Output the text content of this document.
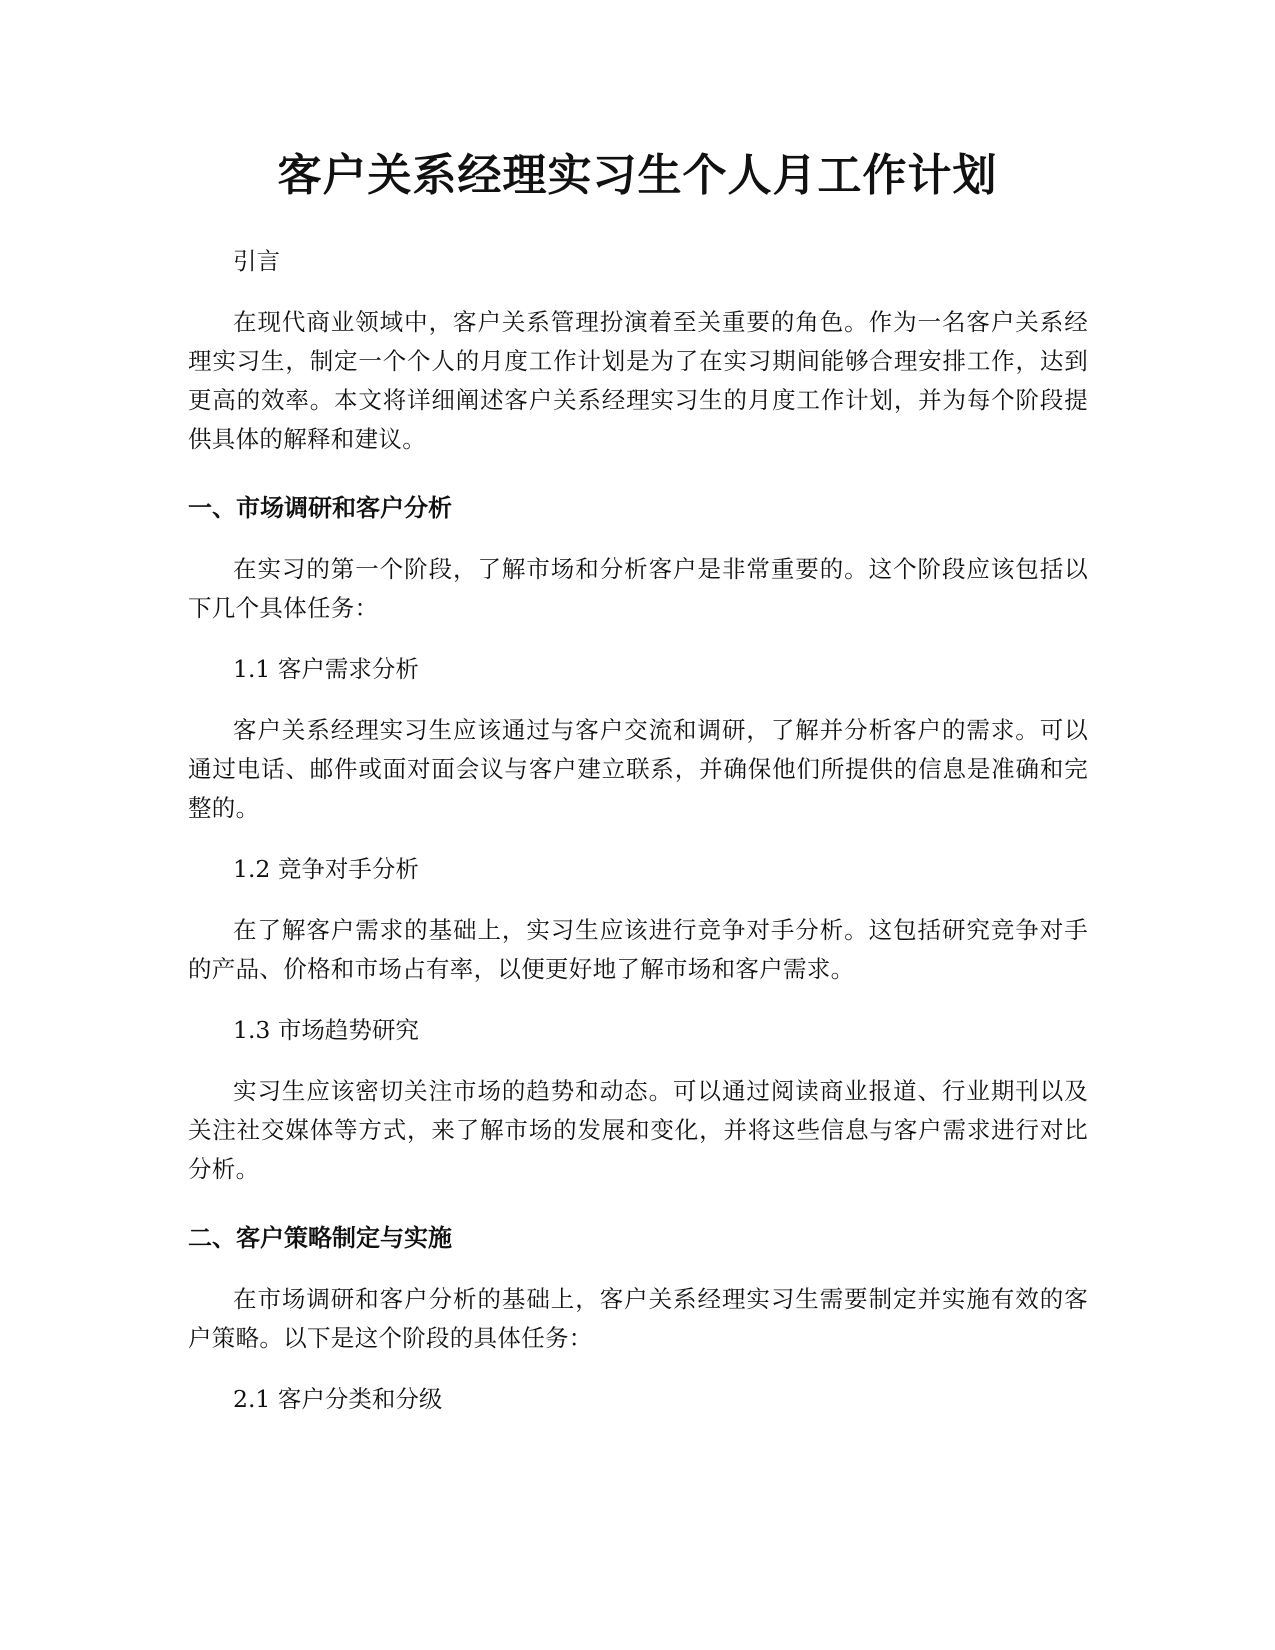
客户关系经理实习生个人月工作计划

引言

在现代商业领域中，客户关系管理扮演着至关重要的角色。作为一名客户关系经理实习生，制定一个个人的月度工作计划是为了在实习期间能够合理安排工作，达到更高的效率。本文将详细阐述客户关系经理实习生的月度工作计划，并为每个阶段提供具体的解释和建议。

一、市场调研和客户分析

在实习的第一个阶段，了解市场和分析客户是非常重要的。这个阶段应该包括以下几个具体任务：

1.1 客户需求分析

客户关系经理实习生应该通过与客户交流和调研，了解并分析客户的需求。可以通过电话、邮件或面对面会议与客户建立联系，并确保他们所提供的信息是准确和完整的。

1.2 竞争对手分析

在了解客户需求的基础上，实习生应该进行竞争对手分析。这包括研究竞争对手的产品、价格和市场占有率，以便更好地了解市场和客户需求。

1.3 市场趋势研究

实习生应该密切关注市场的趋势和动态。可以通过阅读商业报道、行业期刊以及关注社交媒体等方式，来了解市场的发展和变化，并将这些信息与客户需求进行对比分析。

二、客户策略制定与实施

在市场调研和客户分析的基础上，客户关系经理实习生需要制定并实施有效的客户策略。以下是这个阶段的具体任务：

2.1 客户分类和分级
